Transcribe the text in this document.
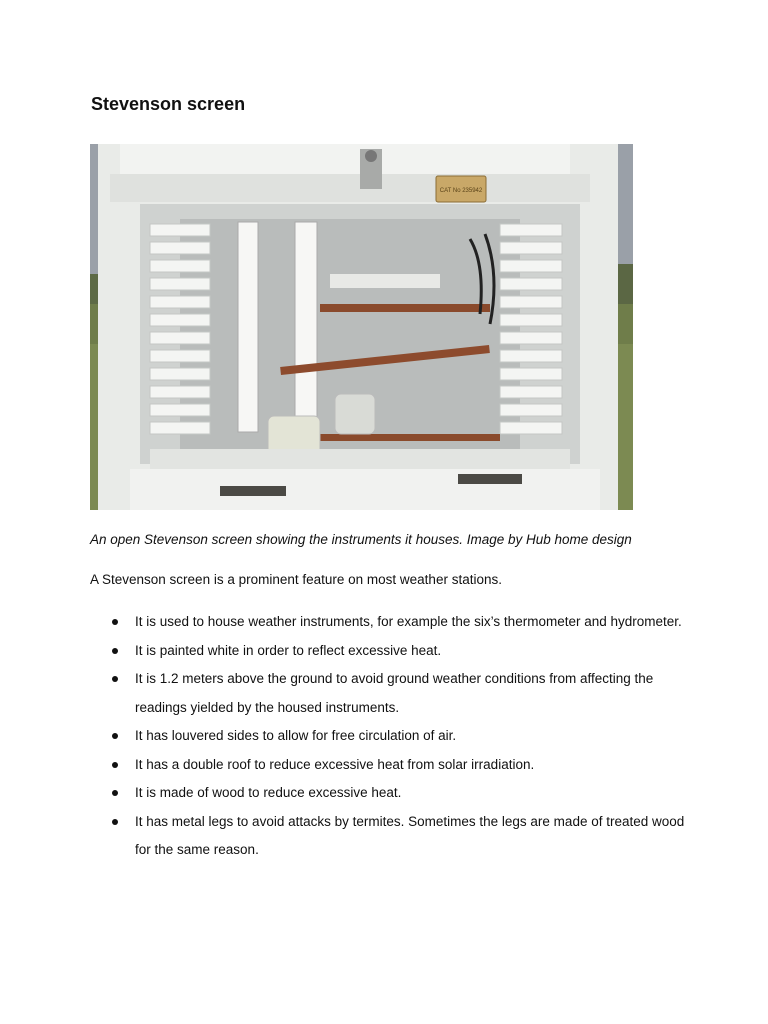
Stevenson screen
CAT No 235942
An open Stevenson screen showing the instruments it houses. Image by Hub home design
A Stevenson screen is a prominent feature on most weather stations.
It is used to house weather instruments, for example the six’s thermometer and hydrometer.
It is painted white in order to reflect excessive heat.
It is 1.2 meters above the ground to avoid ground weather conditions from affecting the readings yielded by the housed instruments.
It has louvered sides to allow for free circulation of air.
It has a double roof to reduce excessive heat from solar irradiation.
It is made of wood to reduce excessive heat.
It has metal legs to avoid attacks by termites. Sometimes the legs are made of treated wood for the same reason.
